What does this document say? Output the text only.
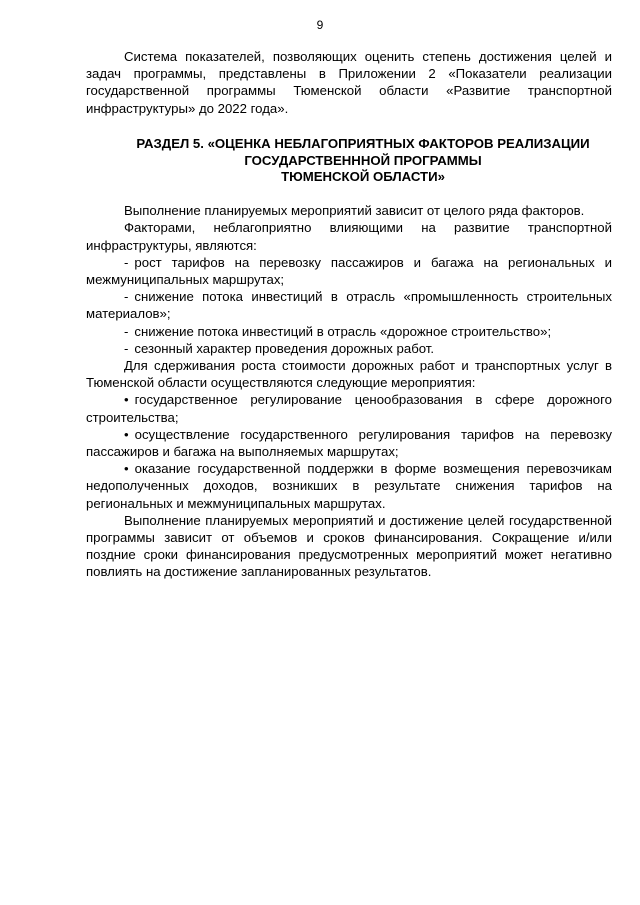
9

Система показателей, позволяющих оценить степень достижения целей и задач программы, представлены в Приложении 2 «Показатели реализации государственной программы Тюменской области «Развитие транспортной инфраструктуры» до 2022 года».

РАЗДЕЛ 5. «ОЦЕНКА НЕБЛАГОПРИЯТНЫХ ФАКТОРОВ РЕАЛИЗАЦИИ
ГОСУДАРСТВЕНННОЙ ПРОГРАММЫ
ТЮМЕНСКОЙ ОБЛАСТИ»

Выполнение планируемых мероприятий зависит от целого ряда факторов.

Факторами, неблагоприятно влияющими на развитие транспортной инфраструктуры, являются:

- рост тарифов на перевозку пассажиров и багажа на региональных и межмуниципальных маршрутах;
- снижение потока инвестиций в отрасль «промышленность строительных материалов»;
- снижение потока инвестиций в отрасль «дорожное строительство»;
- сезонный характер проведения дорожных работ.

Для сдерживания роста стоимости дорожных работ и транспортных услуг в Тюменской области осуществляются следующие мероприятия:

• государственное регулирование ценообразования в сфере дорожного строительства;
• осуществление государственного регулирования тарифов на перевозку пассажиров и багажа на выполняемых маршрутах;
• оказание государственной поддержки в форме возмещения перевозчикам недополученных доходов, возникших в результате снижения тарифов на региональных и межмуниципальных маршрутах.

Выполнение планируемых мероприятий и достижение целей государственной программы зависит от объемов и сроков финансирования. Сокращение и/или поздние сроки финансирования предусмотренных мероприятий может негативно повлиять на достижение запланированных результатов.
